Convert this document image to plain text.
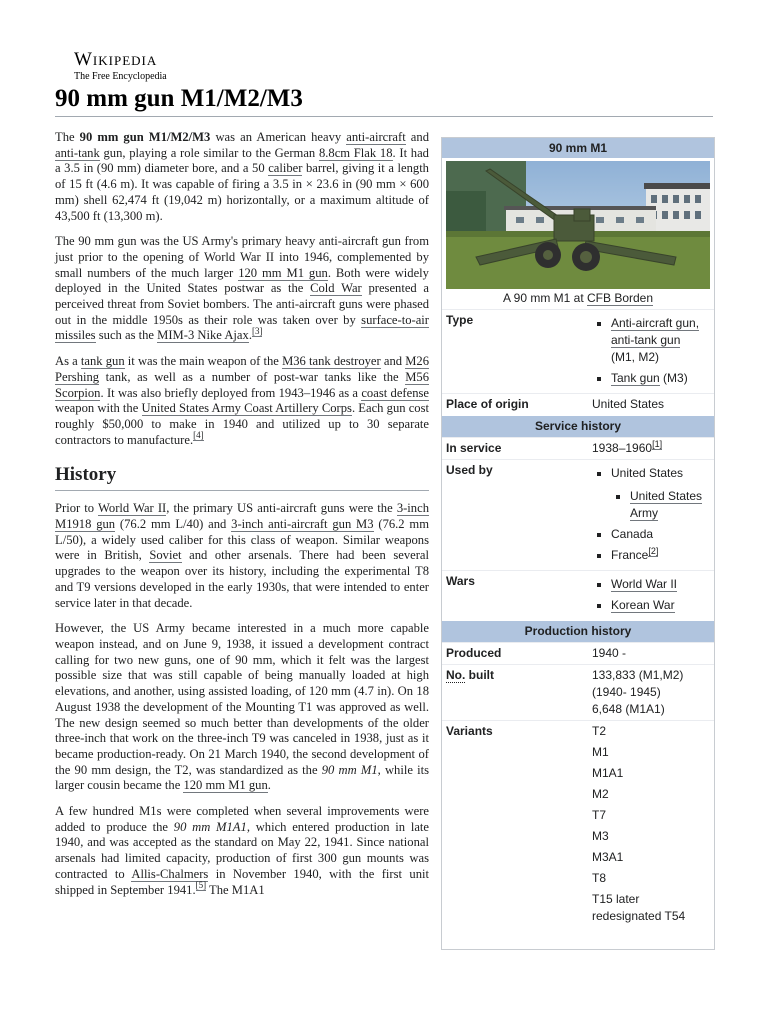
Wikipedia
The Free Encyclopedia
90 mm gun M1/M2/M3

The 90 mm gun M1/M2/M3 was an American heavy anti-aircraft and anti-tank gun, playing a role similar to the German 8.8cm Flak 18. It had a 3.5 in (90 mm) diameter bore, and a 50 caliber barrel, giving it a length of 15 ft (4.6 m). It was capable of firing a 3.5 in × 23.6 in (90 mm × 600 mm) shell 62,474 ft (19,042 m) horizontally, or a maximum altitude of 43,500 ft (13,300 m).

The 90 mm gun was the US Army's primary heavy anti-aircraft gun from just prior to the opening of World War II into 1946, complemented by small numbers of the much larger 120 mm M1 gun. Both were widely deployed in the United States postwar as the Cold War presented a perceived threat from Soviet bombers. The anti-aircraft guns were phased out in the middle 1950s as their role was taken over by surface-to-air missiles such as the MIM-3 Nike Ajax.[3]

As a tank gun it was the main weapon of the M36 tank destroyer and M26 Pershing tank, as well as a number of post-war tanks like the M56 Scorpion. It was also briefly deployed from 1943–1946 as a coast defense weapon with the United States Army Coast Artillery Corps. Each gun cost roughly $50,000 to make in 1940 and utilized up to 30 separate contractors to manufacture.[4]

History

Prior to World War II, the primary US anti-aircraft guns were the 3-inch M1918 gun (76.2 mm L/40) and 3-inch anti-aircraft gun M3 (76.2 mm L/50), a widely used caliber for this class of weapon. Similar weapons were in British, Soviet and other arsenals. There had been several upgrades to the weapon over its history, including the experimental T8 and T9 versions developed in the early 1930s, that were intended to enter service later in that decade.

However, the US Army became interested in a much more capable weapon instead, and on June 9, 1938, it issued a development contract calling for two new guns, one of 90 mm, which it felt was the largest possible size that was still capable of being manually loaded at high elevations, and another, using assisted loading, of 120 mm (4.7 in). On 18 August 1938 the development of the Mounting T1 was approved as well. The new design seemed so much better than developments of the older three-inch that work on the three-inch T9 was canceled in 1938, just as it became production-ready. On 21 March 1940, the second development of the 90 mm design, the T2, was standardized as the 90 mm M1, while its larger cousin became the 120 mm M1 gun.

A few hundred M1s were completed when several improvements were added to produce the 90 mm M1A1, which entered production in late 1940, and was accepted as the standard on May 22, 1941. Since national arsenals had limited capacity, production of first 300 gun mounts was contracted to Allis-Chalmers in November 1940, with the first unit shipped in September 1941.[5] The M1A1

90 mm M1
A 90 mm M1 at CFB Borden
Type	▪ Anti-aircraft gun, anti-tank gun
(M1, M2)
▪ Tank gun (M3)
Place of origin	United States
Service history
In service	1938–1960[1]
Used by	▪ United States
▪ United States Army
▪ Canada
▪ France[2]
Wars	▪ World War II
▪ Korean War
Production history
Produced	1940 -
No. built	133,833 (M1,M2)
(1940- 1945)
6,648 (M1A1)
Variants	T2
M1
M1A1
M2
T7
M3
M3A1
T8
T15 later redesignated T54
